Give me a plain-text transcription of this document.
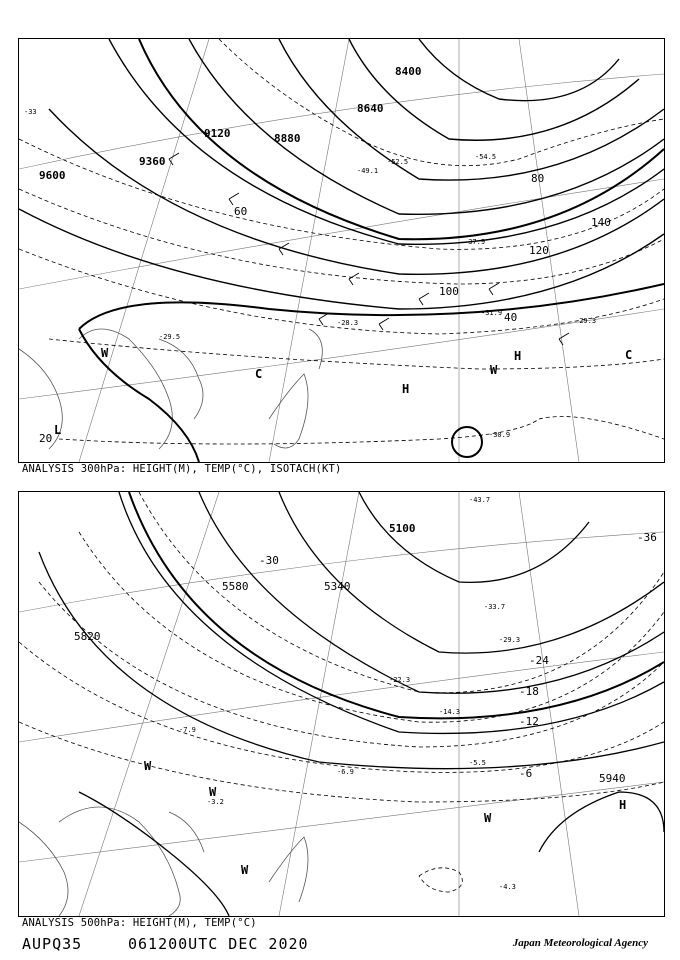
9600
9120	8880
8640
8400
9360
20
40
60
80
100
120
140
H
H
W
W
C
C
L
-33
-29.5
-31.9
-28.3
-30.9
-29.3
-49.1
-54.5
-52.5
-37.9
ANALYSIS 300hPa: HEIGHT(M), TEMP(°C), ISOTACH(KT)
5820
5580	5340
5100
5940
-36
-30
-24
-18
-12
-6
W
W
W
W
H
-33.7
-43.7
-29.3
-22.3
-14.3
-7.9
-5.5
-4.3
-3.2
-6.9
ANALYSIS 500hPa: HEIGHT(M), TEMP(°C)
AUPQ35	061200UTC DEC 2020	Japan Meteorological Agency
